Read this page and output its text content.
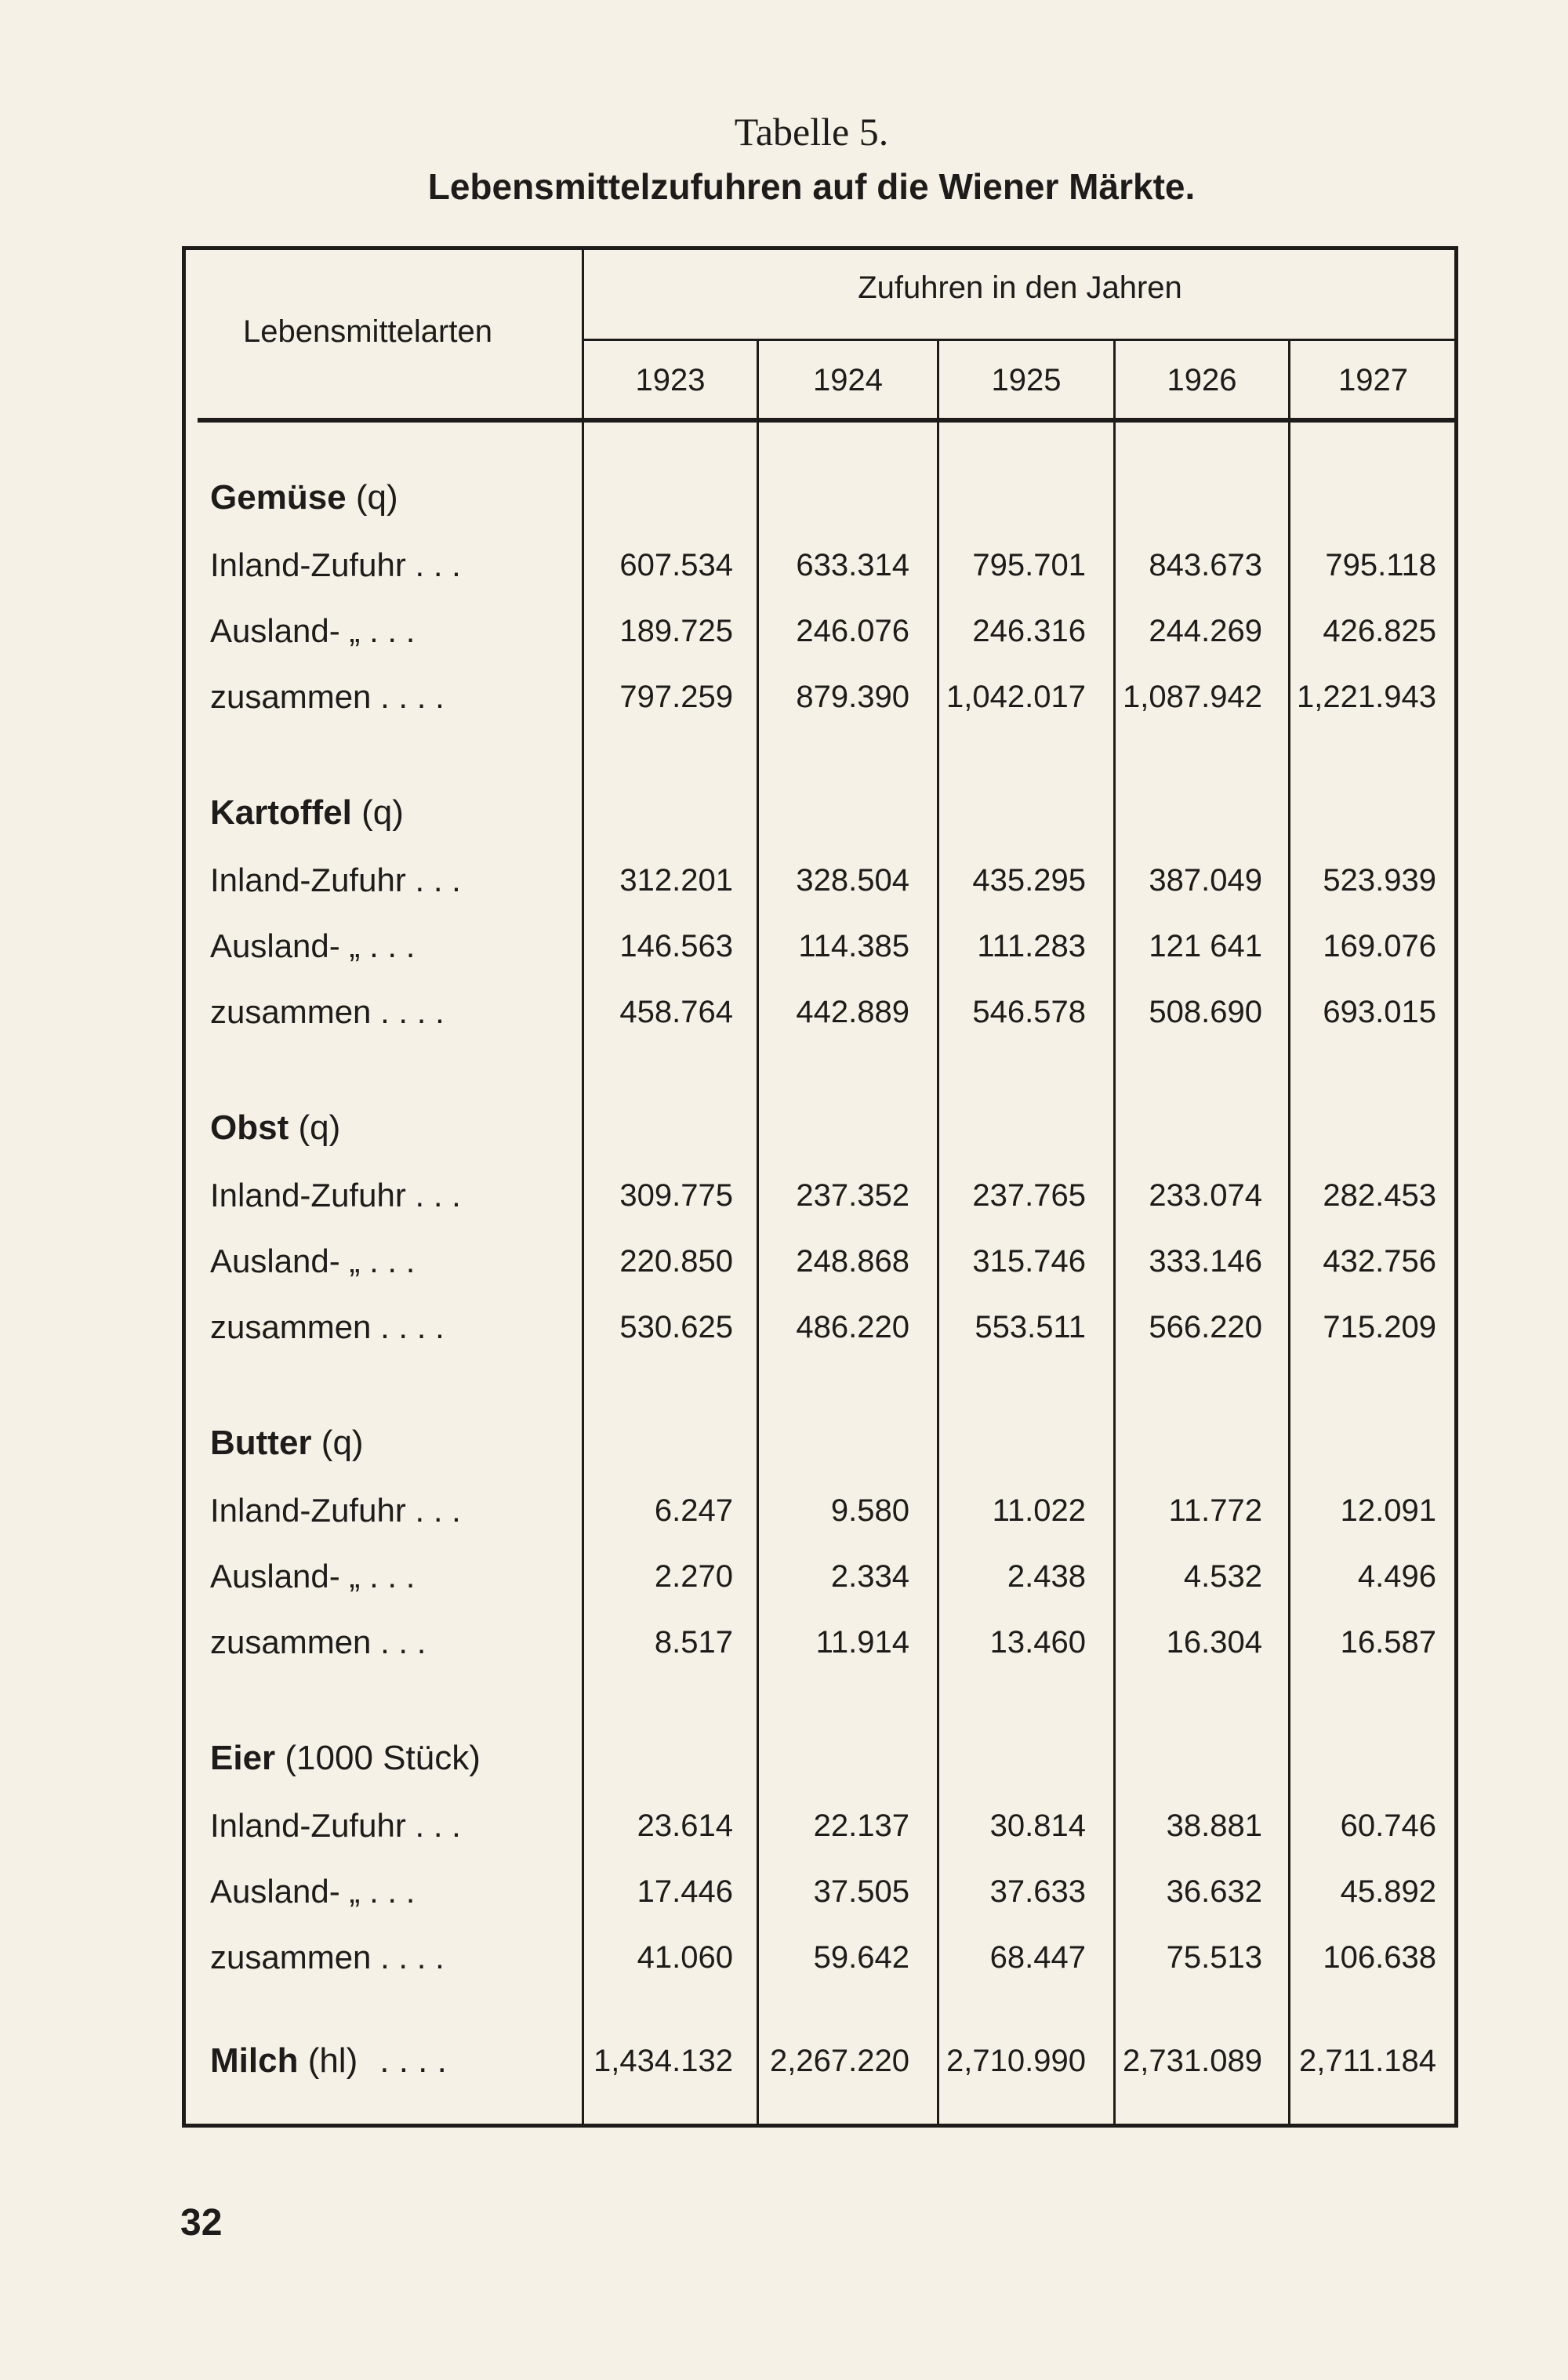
Tabelle 5.
Lebensmittelzufuhren auf die Wiener Märkte.
Lebensmittelarten
Zufuhren in den Jahren
1923	1924	1925	1926	1927
Gemüse (q)
Inland-Zufuhr . . .	607.534	633.314	795.701	843.673	795.118
Ausland- „ . . .	189.725	246.076	246.316	244.269	426.825
zusammen . . . .	797.259	879.390 1,042.017 1,087.942 1,221.943
Kartoffel (q)
Inland-Zufuhr . . .	312.201	328.504	435.295	387.049	523.939
Ausland- „ . . .	146.563	114.385	111.283	121 641	169.076
zusammen . . . .	458.764	442.889	546.578	508.690	693.015
Obst (q)
Inland-Zufuhr . . .	309.775	237.352	237.765	233.074	282.453
Ausland- „ . . .	220.850	248.868	315.746	333.146	432.756
zusammen . . . .	530.625	486.220	553.511	566.220	715.209
Butter (q)
Inland-Zufuhr . . .	6.247	9.580	11.022	11.772	12.091
Ausland- „ . . .	2.270	2.334	2.438	4.532	4.496
zusammen . . .	8.517	11.914	13.460	16.304	16.587
Eier (1000 Stück)
Inland-Zufuhr . . .	23.614	22.137	30.814	38.881	60.746
Ausland- „ . . .	17.446	37.505	37.633	36.632	45.892
zusammen . . . .	41.060	59.642	68.447	75.513	106.638
Milch (hl) . . . .	1,434.132	2,267.220 2,710.990 2,731.089 2,711.184
32
